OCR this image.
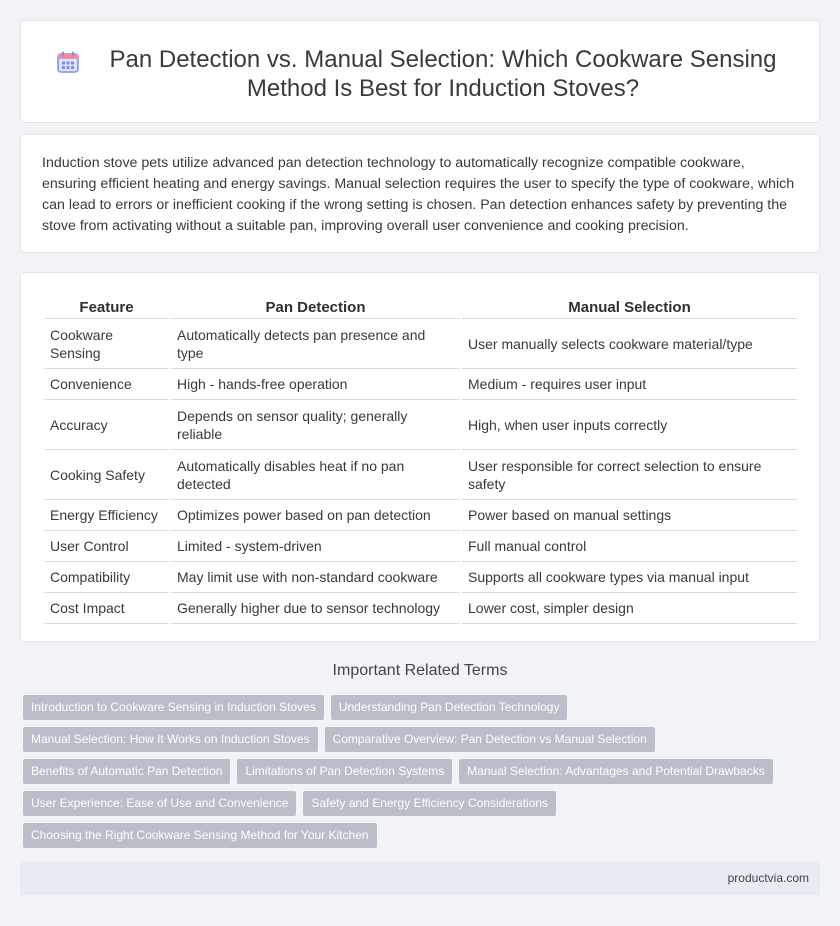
Pan Detection vs. Manual Selection: Which Cookware Sensing Method Is Best for Induction Stoves?

Induction stove pets utilize advanced pan detection technology to automatically recognize compatible cookware, ensuring efficient heating and energy savings. Manual selection requires the user to specify the type of cookware, which can lead to errors or inefficient cooking if the wrong setting is chosen. Pan detection enhances safety by preventing the stove from activating without a suitable pan, improving overall user convenience and cooking precision.

Feature	Pan Detection	Manual Selection
Cookware Sensing	Automatically detects pan presence and type	User manually selects cookware material/type
Convenience	High - hands-free operation	Medium - requires user input
Accuracy	Depends on sensor quality; generally reliable	High, when user inputs correctly
Cooking Safety	Automatically disables heat if no pan detected	User responsible for correct selection to ensure safety
Energy Efficiency	Optimizes power based on pan detection	Power based on manual settings
User Control	Limited - system-driven	Full manual control
Compatibility	May limit use with non-standard cookware	Supports all cookware types via manual input
Cost Impact	Generally higher due to sensor technology	Lower cost, simpler design
Important Related Terms
Introduction to Cookware Sensing in Induction Stoves	Understanding Pan Detection Technology
Manual Selection: How It Works on Induction Stoves	Comparative Overview: Pan Detection vs Manual Selection
Benefits of Automatic Pan Detection	Limitations of Pan Detection Systems	Manual Selection: Advantages and Potential Drawbacks
User Experience: Ease of Use and Convenience	Safety and Energy Efficiency Considerations
Choosing the Right Cookware Sensing Method for Your Kitchen
productvia.com
